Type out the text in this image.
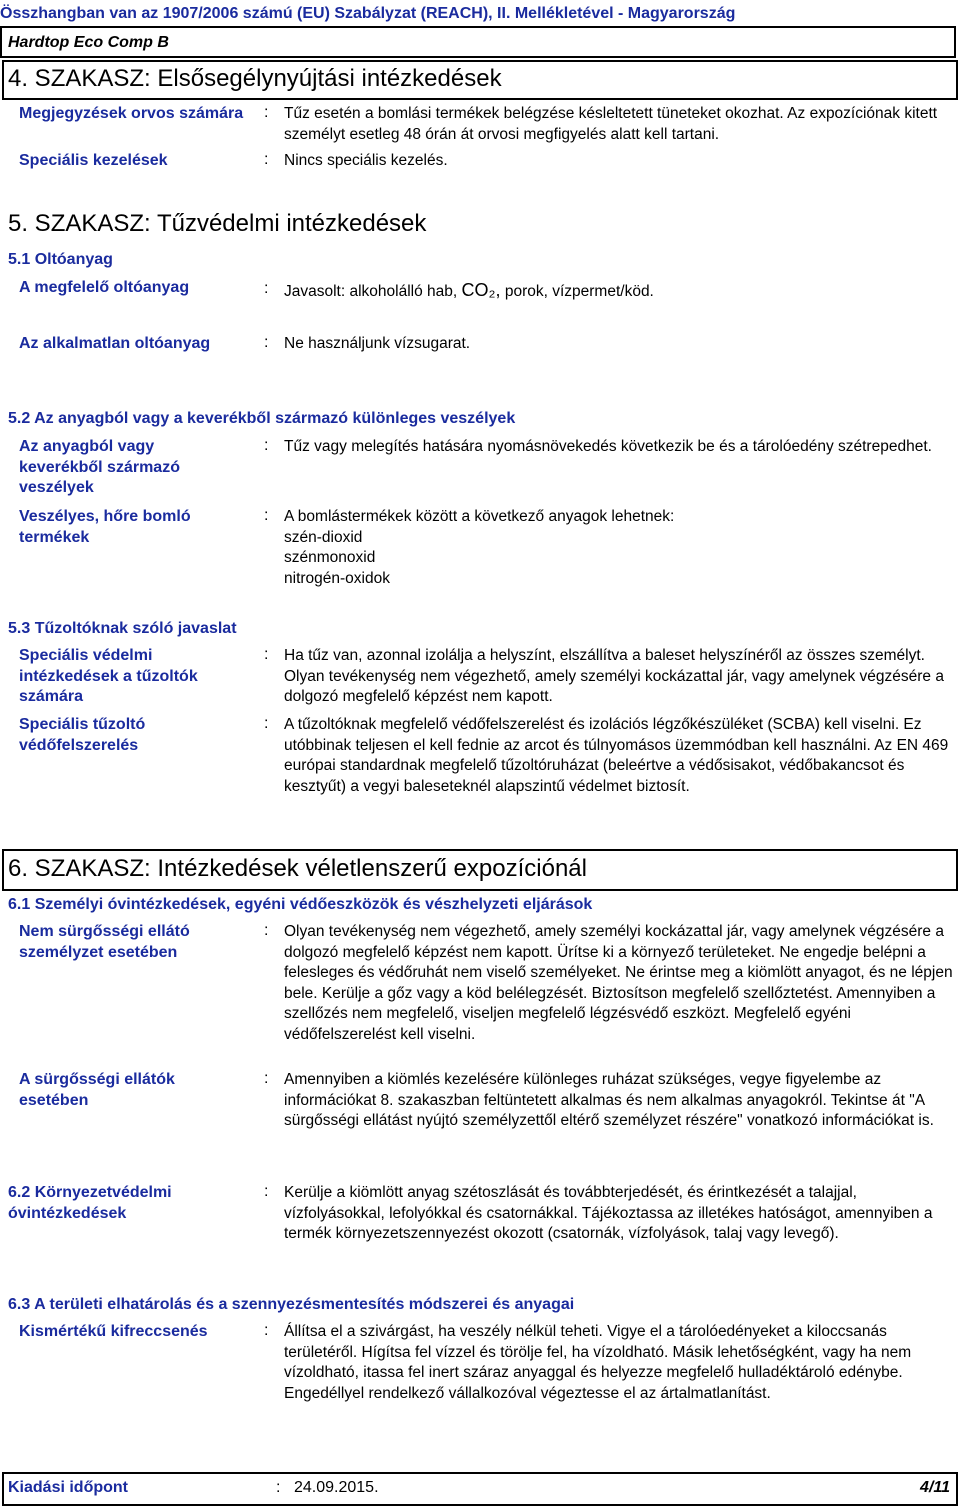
Összhangban van az 1907/2006 számú (EU) Szabályzat (REACH), II. Mellékletével - Magyarország
Hardtop Eco Comp B
4. SZAKASZ: Elsősegélynyújtási intézkedések
Megjegyzések orvos számára	: Tűz esetén a bomlási termékek belégzése késleltetett tüneteket okozhat. Az expozíciónak kitett személyt esetleg 48 órán át orvosi megfigyelés alatt kell tartani.
Speciális kezelések	: Nincs speciális kezelés.
5. SZAKASZ: Tűzvédelmi intézkedések
5.1 Oltóanyag
A megfelelő oltóanyag	: Javasolt: alkoholálló hab, CO₂, porok, vízpermet/köd.
Az alkalmatlan oltóanyag	: Ne használjunk vízsugarat.
5.2 Az anyagból vagy a keverékből származó különleges veszélyek
Az anyagból vagy keverékből származó veszélyek
: Tűz vagy melegítés hatására nyomásnövekedés következik be és a tárolóedény szétrepedhet.
Veszélyes, hőre bomló termékek
: A bomlástermékek között a következő anyagok lehetnek:
szén-dioxid
szénmonoxid
nitrogén-oxidok
5.3 Tűzoltóknak szóló javaslat
Speciális védelmi intézkedések a tűzoltók számára
: Ha tűz van, azonnal izolálja a helyszínt, elszállítva a baleset helyszínéről az összes személyt. Olyan tevékenység nem végezhető, amely személyi kockázattal jár, vagy amelynek végzésére a dolgozó megfelelő képzést nem kapott.
Speciális tűzoltó védőfelszerelés
: A tűzoltóknak megfelelő védőfelszerelést és izolációs légzőkészüléket (SCBA) kell viselni. Ez utóbbinak teljesen el kell fednie az arcot és túlnyomásos üzemmódban kell használni. Az EN 469 európai standardnak megfelelő tűzoltóruházat (beleértve a védősisakot, védőbakancsot és kesztyűt) a vegyi baleseteknél alapszintű védelmet biztosít.
6. SZAKASZ: Intézkedések véletlenszerű expozíciónál
6.1 Személyi óvintézkedések, egyéni védőeszközök és vészhelyzeti eljárások
Nem sürgősségi ellátó személyzet esetében
: Olyan tevékenység nem végezhető, amely személyi kockázattal jár, vagy amelynek végzésére a dolgozó megfelelő képzést nem kapott. Ürítse ki a környező területeket. Ne engedje belépni a felesleges és védőruhát nem viselő személyeket. Ne érintse meg a kiömlött anyagot, és ne lépjen bele. Kerülje a gőz vagy a köd belélegzését. Biztosítson megfelelő szellőztetést. Amennyiben a szellőzés nem megfelelő, viseljen megfelelő légzésvédő eszközt. Megfelelő egyéni védőfelszerelést kell viselni.
A sürgősségi ellátók esetében
: Amennyiben a kiömlés kezelésére különleges ruházat szükséges, vegye figyelembe az információkat 8. szakaszban feltüntetett alkalmas és nem alkalmas anyagokról. Tekintse át "A sürgősségi ellátást nyújtó személyzettől eltérő személyzet részére" vonatkozó információkat is.
6.2 Környezetvédelmi óvintézkedések
: Kerülje a kiömlött anyag szétoszlását és továbbterjedését, és érintkezését a talajjal, vízfolyásokkal, lefolyókkal és csatornákkal. Tájékoztassa az illetékes hatóságot, amennyiben a termék környezetszennyezést okozott (csatornák, vízfolyások, talaj vagy levegő).
6.3 A területi elhatárolás és a szennyezésmentesítés módszerei és anyagai
Kismértékű kifreccsenés	: Állítsa el a szivárgást, ha veszély nélkül teheti. Vigye el a tárolóedényeket a kiloccsanás területéről. Hígítsa fel vízzel és törölje fel, ha vízoldható. Másik lehetőségként, vagy ha nem vízoldható, itassa fel inert száraz anyaggal és helyezze megfelelő hulladéktároló edénybe. Engedéllyel rendelkező vállalkozóval végeztesse el az ártalmatlanítást.
Kiadási időpont	: 24.09.2015.	4/11
